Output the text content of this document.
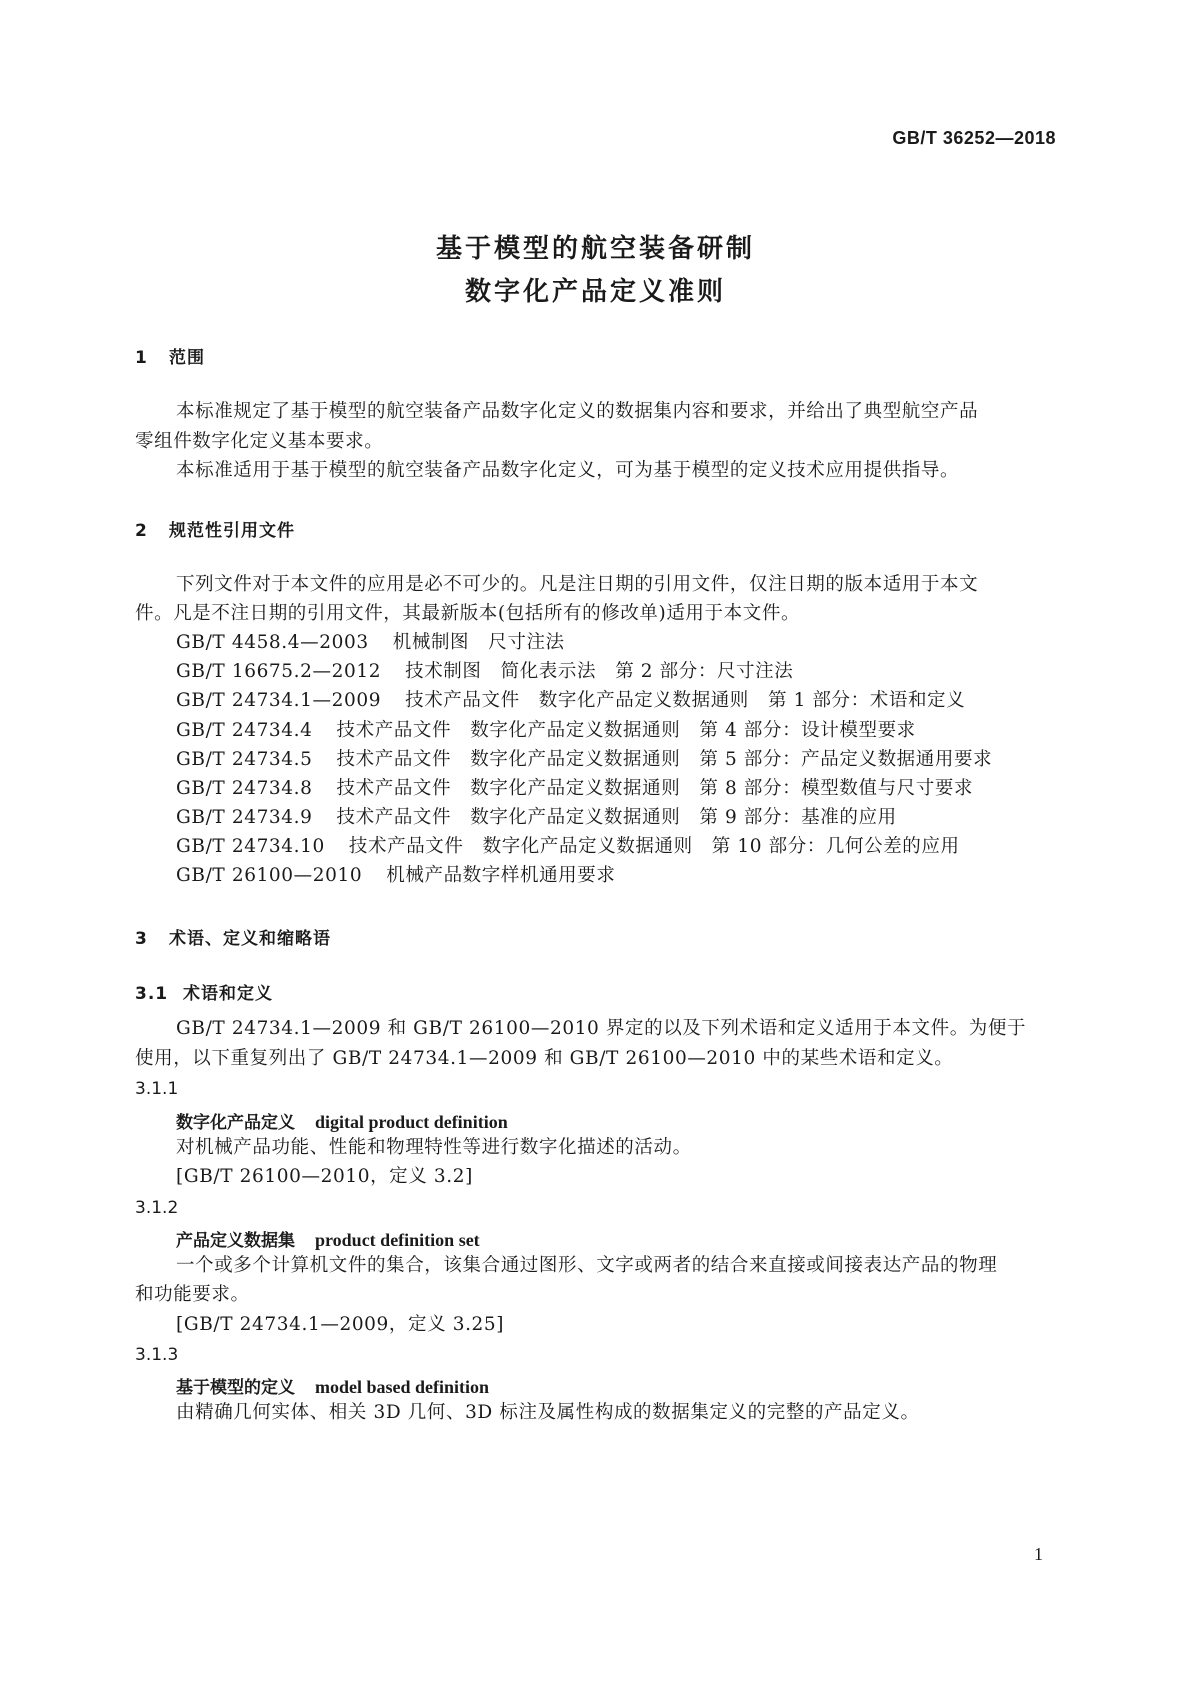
GB/T 36252—2018
基于模型的航空装备研制
数字化产品定义准则
1 范围
本标准规定了基于模型的航空装备产品数字化定义的数据集内容和要求，并给出了典型航空产品
零组件数字化定义基本要求。
本标准适用于基于模型的航空装备产品数字化定义，可为基于模型的定义技术应用提供指导。
2 规范性引用文件
下列文件对于本文件的应用是必不可少的。凡是注日期的引用文件，仅注日期的版本适用于本文
件。凡是不注日期的引用文件，其最新版本(包括所有的修改单)适用于本文件。
GB/T 4458.4—2003 机械制图　尺寸注法
GB/T 16675.2—2012 技术制图　简化表示法　第 2 部分：尺寸注法
GB/T 24734.1—2009 技术产品文件　数字化产品定义数据通则　第 1 部分：术语和定义
GB/T 24734.4 技术产品文件　数字化产品定义数据通则　第 4 部分：设计模型要求
GB/T 24734.5 技术产品文件　数字化产品定义数据通则　第 5 部分：产品定义数据通用要求
GB/T 24734.8 技术产品文件　数字化产品定义数据通则　第 8 部分：模型数值与尺寸要求
GB/T 24734.9 技术产品文件　数字化产品定义数据通则　第 9 部分：基准的应用
GB/T 24734.10 技术产品文件　数字化产品定义数据通则　第 10 部分：几何公差的应用
GB/T 26100—2010 机械产品数字样机通用要求
3 术语、定义和缩略语
3.1 术语和定义
GB/T 24734.1—2009 和 GB/T 26100—2010 界定的以及下列术语和定义适用于本文件。为便于
使用，以下重复列出了 GB/T 24734.1—2009 和 GB/T 26100—2010 中的某些术语和定义。
3.1.1
数字化产品定义 digital product definition
对机械产品功能、性能和物理特性等进行数字化描述的活动。
[GB/T 26100—2010，定义 3.2]
3.1.2
产品定义数据集 product definition set
一个或多个计算机文件的集合，该集合通过图形、文字或两者的结合来直接或间接表达产品的物理
和功能要求。
[GB/T 24734.1—2009，定义 3.25]
3.1.3
基于模型的定义 model based definition
由精确几何实体、相关 3D 几何、3D 标注及属性构成的数据集定义的完整的产品定义。
1
